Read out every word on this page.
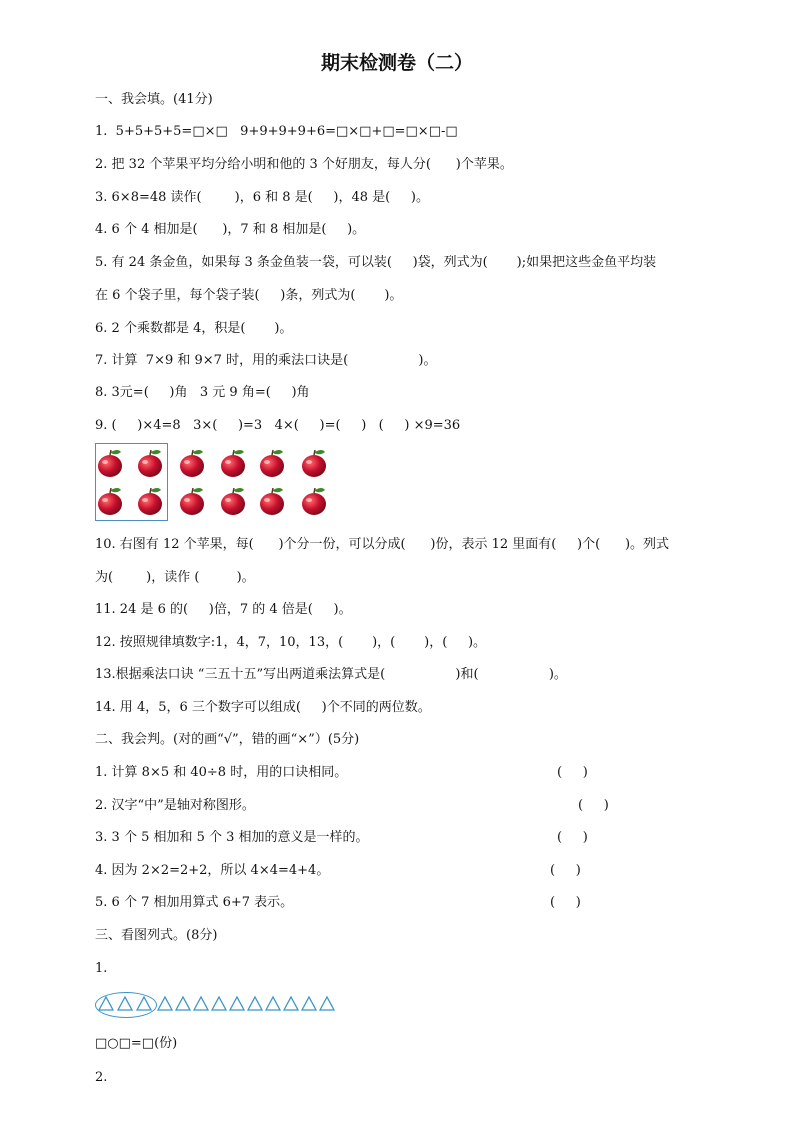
期末检测卷（二）
一、我会填。(41分)
1.  5+5+5+5=□×□   9+9+9+9+6=□×□+□=□×□-□
2. 把 32 个苹果平均分给小明和他的 3 个好朋友，每人分(      )个苹果。
3. 6×8=48 读作(        )，6 和 8 是(     )，48 是(     )。
4. 6 个 4 相加是(      )，7 和 8 相加是(     )。
5. 有 24 条金鱼，如果每 3 条金鱼装一袋，可以装(     )袋，列式为(       );如果把这些金鱼平均装
在 6 个袋子里，每个袋子装(     )条，列式为(       )。
6. 2 个乘数都是 4，积是(       )。
7. 计算  7×9 和 9×7 时，用的乘法口诀是(                 )。
8. 3元=(     )角   3 元 9 角=(     )角
9. (     )×4=8   3×(     )=3   4×(     )=(     )   (     ) ×9=36
10. 右图有 12 个苹果，每(      )个分一份，可以分成(      )份，表示 12 里面有(     )个(      )。列式
为(        )，读作 (         )。
11. 24 是 6 的(     )倍，7 的 4 倍是(     )。
12. 按照规律填数字:1，4，7，10，13，(       )，(       )，(     )。
13.根据乘法口诀 “三五十五”写出两道乘法算式是(                 )和(                 )。
14. 用 4，5，6 三个数字可以组成(     )个不同的两位数。
二、我会判。(对的画“√”，错的画“×”）(5分)
1. 计算 8×5 和 40÷8 时，用的口诀相同。	(     )
2. 汉字“中”是轴对称图形。	(     )
3. 3 个 5 相加和 5 个 3 相加的意义是一样的。	(     )
4. 因为 2×2=2+2，所以 4×4=4+4。	(     )
5. 6 个 7 相加用算式 6+7 表示。	(     )
三、看图列式。(8分)
1.
□○□=□(份)
2.
